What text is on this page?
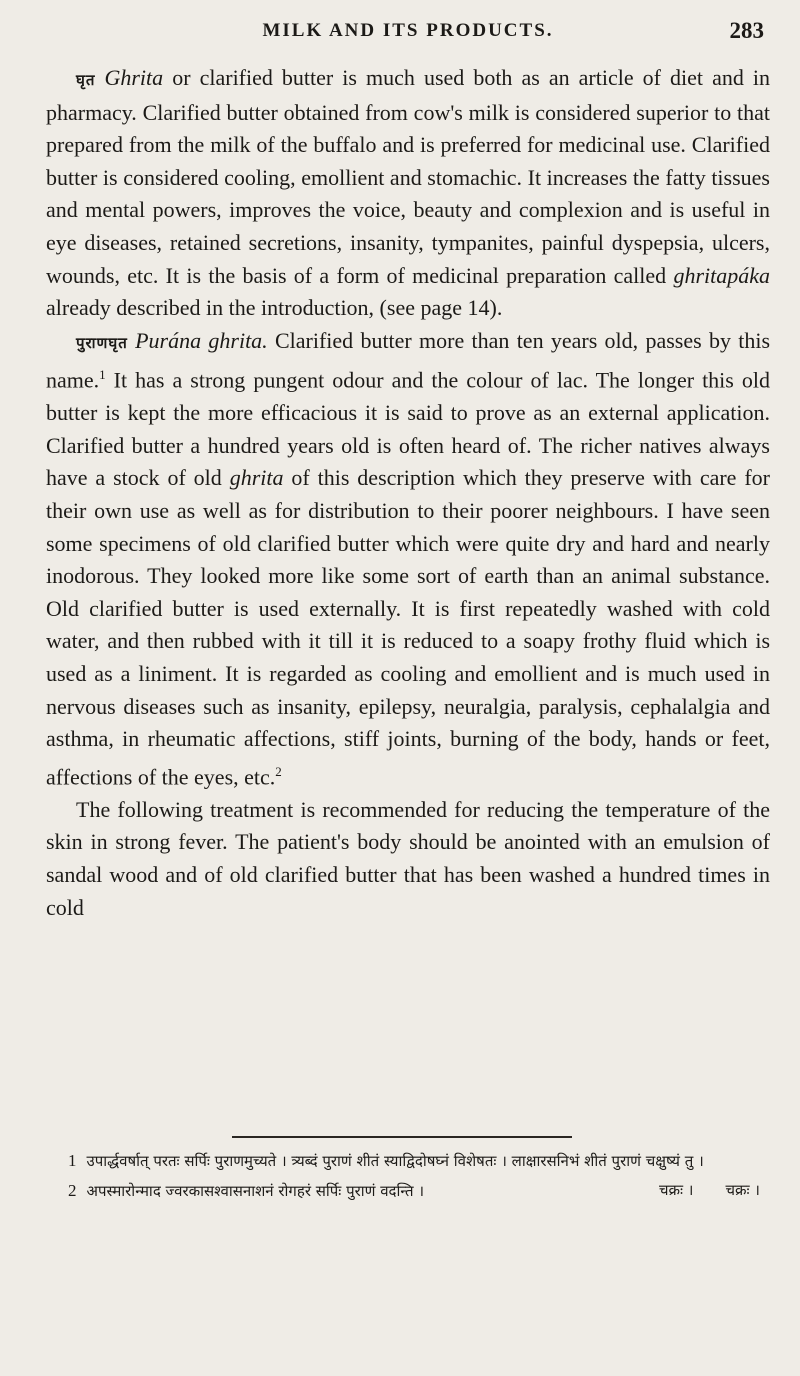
MILK AND ITS PRODUCTS.	283

घृत Ghrita or clarified butter is much used both as an article of diet and in pharmacy. Clarified butter obtained from cow's milk is considered superior to that prepared from the milk of the buffalo and is preferred for medicinal use. Clarified butter is considered cooling, emollient and stomachic. It increases the fatty tissues and mental powers, improves the voice, beauty and complexion and is useful in eye diseases, retained secretions, insanity, tympanites, painful dyspepsia, ulcers, wounds, etc. It is the basis of a form of medicinal preparation called ghritapáka already described in the introduction, (see page 14).

पुराणघृत Purána ghrita. Clarified butter more than ten years old, passes by this name.$^1$ It has a strong pungent odour and the colour of lac. The longer this old butter is kept the more efficacious it is said to prove as an external application. Clarified butter a hundred years old is often heard of. The richer natives always have a stock of old ghrita of this description which they preserve with care for their own use as well as for distribution to their poorer neighbours. I have seen some specimens of old clarified butter which were quite dry and hard and nearly inodorous. They looked more like some sort of earth than an animal substance. Old clarified butter is used externally. It is first repeatedly washed with cold water, and then rubbed with it till it is reduced to a soapy frothy fluid which is used as a liniment. It is regarded as cooling and emollient and is much used in nervous diseases such as insanity, epilepsy, neuralgia, paralysis, cephalalgia and asthma, in rheumatic affections, stiff joints, burning of the body, hands or feet, affections of the eyes, etc.$^2$

The following treatment is recommended for reducing the temperature of the skin in strong fever. The patient's body should be anointed with an emulsion of sandal wood and of old clarified butter that has been washed a hundred times in cold

1 उपार्द्धवर्षात् परतः सर्पिः पुराणमुच्यते । त्र्यब्दं पुराणं शीतं स्याद्विदोषघ्नं विशेषतः । लाक्षारसनिभं शीतं पुराणं चक्षुष्यं तु ।
चक्रः ।

2 अपस्मारोन्माद ज्वरकासश्वासनाशनं रोगहरं सर्पिः पुराणं वदन्ति ।	चक्रः ।
